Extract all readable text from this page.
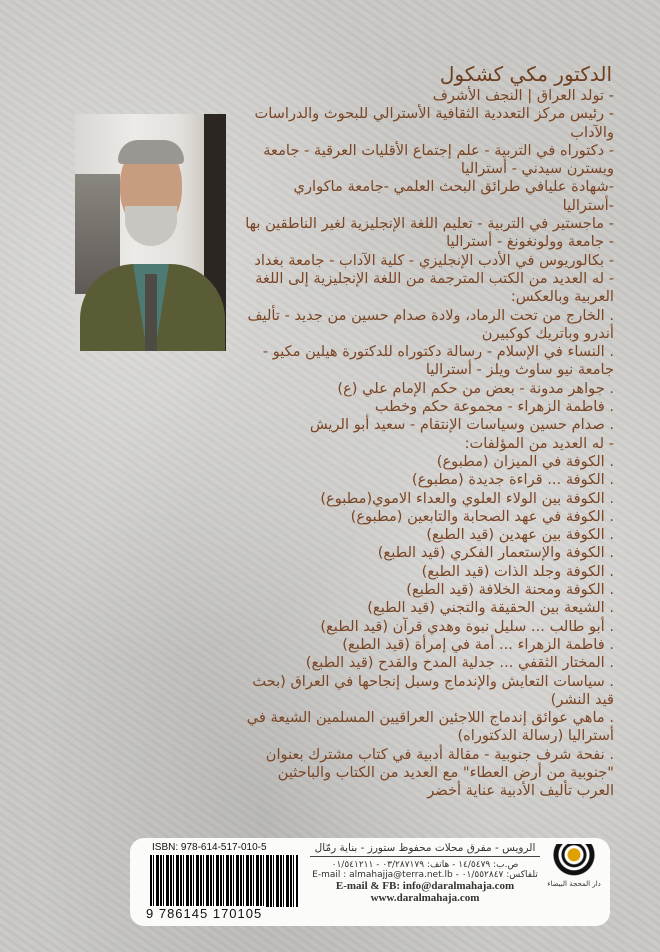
الدكتور مكي كشكول
- تولد العراق | النجف الأشرف
- رئيس مركز التعددية الثقافية الأسترالي للبحوث والدراسات والآداب
- دكتوراه في التربية - علم إجتماع الأقليات العرقية - جامعة ويسترن سيدني - أستراليا
-شهادة عليافي طرائق البحث العلمي -جامعة ماكواري -أستراليا
- ماجستير في التربية - تعليم اللغة الإنجليزية لغير الناطقين بها - جامعة وولونغونغ - أستراليا
- بكالوريوس في الأدب الإنجليزي - كلية الآداب - جامعة بغداد
- له العديد من الكتب المترجمة من اللغة الإنجليزية إلى اللغة العربية وبالعكس:
. الخارج من تحت الرماد، ولادة صدام حسين من جديد - تأليف أندرو وباتريك كوكبيرن
. النساء في الإسلام - رسالة دكتوراه للدكتورة هيلين مكيو - جامعة نيو ساوث ويلز - أستراليا
. جواهر مدونة - بعض من حكم الإمام علي (ع)
. فاطمة الزهراء - مجموعة حكم وخطب
. صدام حسين وسياسات الإنتقام - سعيد أبو الريش
- له العديد من المؤلفات:
. الكوفة في الميزان (مطبوع)
. الكوفة ... قراءة جديدة (مطبوع)
. الكوفة بين الولاء العلوي والعداء الاموي(مطبوع)
. الكوفة في عهد الصحابة والتابعين (مطبوع)
. الكوفة بين عهدين (قيد الطبع)
. الكوفة والإستعمار الفكري (قيد الطبع)
. الكوفة وجلد الذات (قيد الطبع)
. الكوفة ومحنة الخلافة (قيد الطبع)
. الشيعة بين الحقيقة والتجني (قيد الطبع)
. أبو طالب ... سليل نبوة وهدي قرآن (قيد الطبع)
. فاطمة الزهراء ... أمة في إمرأة (قيد الطبع)
. المختار الثقفي ... جدلية المدح والقدح (قيد الطبع)
. سياسات التعايش والإندماج وسبل إنجاحها في العراق (بحث قيد النشر)
. ماهي عوائق إندماج اللاجئين العراقيين المسلمين الشيعة في أستراليا (رسالة الدكتوراه)
. نفحة شرف جنوبية - مقالة أدبية في كتاب مشترك بعنوان "جنوبية من أرض العطاء" مع العديد من الكتاب والباحثين العرب تأليف الأدبية عناية أخضر
ISBN: 978-614-517-010-5
9 786145 170105
الرويس - مفرق محلات محفوظ ستورز - بناية رمّال
ص.ب: ١٤/٥٤٧٩ - هاتف: ٠٣/٢٨٧١٧٩ - ٠١/٥٤١٢١١
تلفاكس: ٠١/٥٥٢٨٤٧ - E-mail : almahajja@terra.net.lb
E-mail & FB: info@daralmahaja.com
www.daralmahaja.com
دار المحجة البيضاء
